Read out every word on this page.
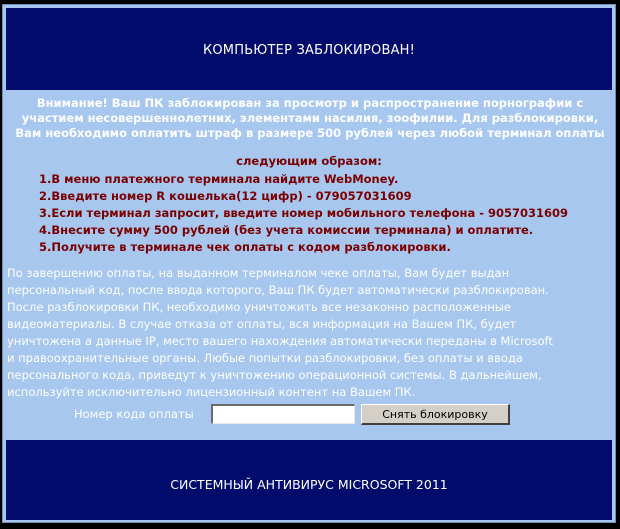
КОМПЬЮТЕР ЗАБЛОКИРОВАН!
Внимание! Ваш ПК заблокирован за просмотр и распространение порнографии с
участием несовершеннолетних, элементами насилия, зоофилии. Для разблокировки,
Вам необходимо оплатить штраф в размере 500 рублей через любой терминал оплаты
следующим образом:
1.В меню платежного терминала найдите WebMoney.
2.Введите номер R кошелька(12 цифр) - 079057031609
3.Если терминал запросит, введите номер мобильного телефона - 9057031609
4.Внесите сумму 500 рублей (без учета комиссии терминала) и оплатите.
5.Получите в терминале чек оплаты с кодом разблокировки.
По завершению оплаты, на выданном терминалом чеке оплаты, Вам будет выдан
персональный код, после ввода которого, Ваш ПК будет автоматически разблокирован.
После разблокировки ПК, необходимо уничтожить все незаконно расположенные
видеоматериалы. В случае отказа от оплаты, вся информация на Вашем ПК, будет
уничтожена а данные IP, место вашего нахождения автоматически переданы в Microsoft
и правоохранительные органы. Любые попытки разблокировки, без оплаты и ввода
персонального кода, приведут к уничтожению операционной системы. В дальнейшем,
используйте исключительно лицензионный контент на Вашем ПК.
Номер кода оплаты	Снять блокировку
СИСТЕМНЫЙ АНТИВИРУС MICROSOFT 2011
